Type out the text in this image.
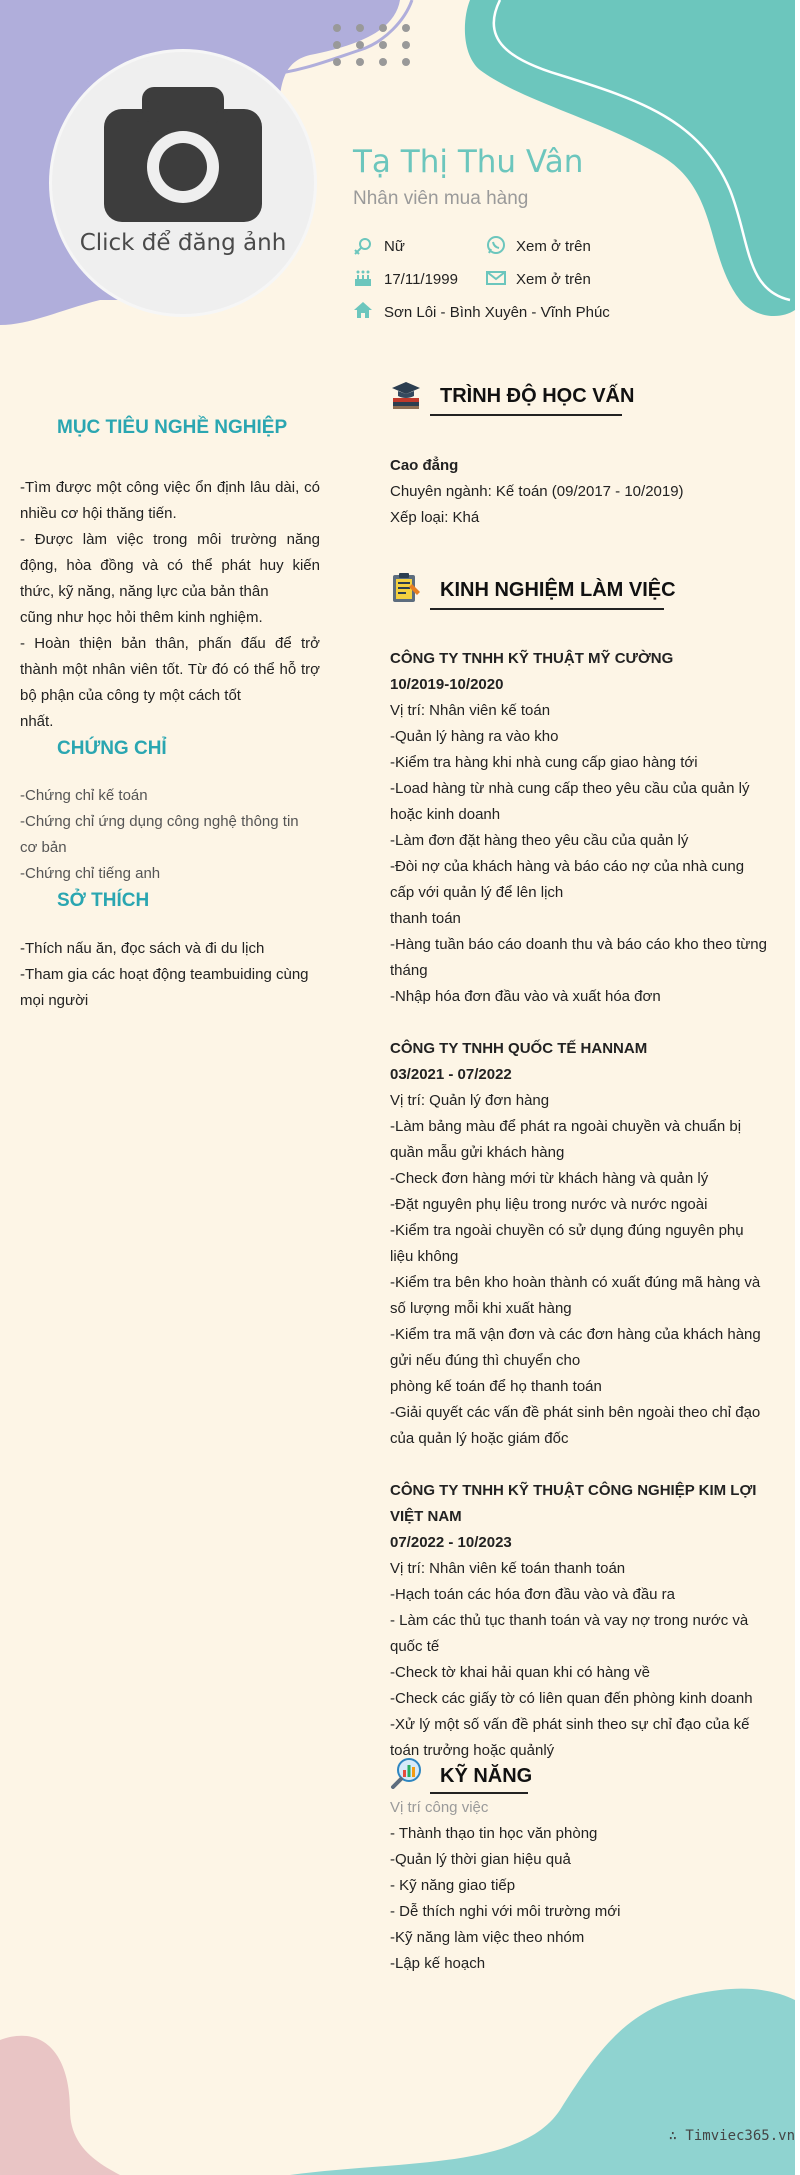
Click để đăng ảnh
Tạ Thị Thu Vân
Nhân viên mua hàng
Nữ	Xem ở trên
17/11/1999	Xem ở trên
Sơn Lôi - Bình Xuyên - Vĩnh Phúc
MỤC TIÊU NGHỀ NGHIỆP
-Tìm được một công việc ổn định lâu dài, có nhiều cơ hội thăng tiến.
- Được làm việc trong môi trường năng động, hòa đồng và có thể phát huy kiến thức, kỹ năng, năng lực của bản thân
cũng như học hỏi thêm kinh nghiệm.
- Hoàn thiện bản thân, phấn đấu để trở thành một nhân viên tốt. Từ đó có thể hỗ trợ bộ phận của công ty một cách tốt
nhất.
CHỨNG CHỈ
-Chứng chỉ kế toán
-Chứng chỉ ứng dụng công nghệ thông tin cơ bản
-Chứng chỉ tiếng anh
SỞ THÍCH
-Thích nấu ăn, đọc sách và đi du lịch
-Tham gia các hoạt động teambuiding cùng mọi người
TRÌNH ĐỘ HỌC VẤN
Cao đẳng
Chuyên ngành: Kế toán (09/2017 - 10/2019)
Xếp loại: Khá
KINH NGHIỆM LÀM VIỆC
CÔNG TY TNHH KỸ THUẬT MỸ CƯỜNG
10/2019-10/2020
Vị trí: Nhân viên kế toán
-Quản lý hàng ra vào kho
-Kiểm tra hàng khi nhà cung cấp giao hàng tới
-Load hàng từ nhà cung cấp theo yêu cầu của quản lý hoặc kinh doanh
-Làm đơn đặt hàng theo yêu cầu của quản lý
-Đòi nợ của khách hàng và báo cáo nợ của nhà cung cấp với quản lý để lên lịch
thanh toán
-Hàng tuần báo cáo doanh thu và báo cáo kho theo từng tháng
-Nhập hóa đơn đầu vào và xuất hóa đơn
CÔNG TY TNHH QUỐC TẾ HANNAM
03/2021 - 07/2022
Vị trí: Quản lý đơn hàng
-Làm bảng màu để phát ra ngoài chuyền và chuẩn bị quần mẫu gửi khách hàng
-Check đơn hàng mới từ khách hàng và quản lý
-Đặt nguyên phụ liệu trong nước và nước ngoài
-Kiểm tra ngoài chuyền có sử dụng đúng nguyên phụ liệu không
-Kiểm tra bên kho hoàn thành có xuất đúng mã hàng và số lượng mỗi khi xuất hàng
-Kiểm tra mã vận đơn và các đơn hàng của khách hàng gửi nếu đúng thì chuyển cho
phòng kế toán để họ thanh toán
-Giải quyết các vấn đề phát sinh bên ngoài theo chỉ đạo của quản lý hoặc giám đốc
CÔNG TY TNHH KỸ THUẬT CÔNG NGHIỆP KIM LỢI VIỆT NAM
07/2022 - 10/2023
Vị trí: Nhân viên kế toán thanh toán
-Hạch toán các hóa đơn đầu vào và đầu ra
- Làm các thủ tục thanh toán và vay nợ trong nước và quốc tế
-Check tờ khai hải quan khi có hàng về
-Check các giấy tờ có liên quan đến phòng kinh doanh
-Xử lý một số vấn đề phát sinh theo sự chỉ đạo của kế toán trưởng hoặc quảnlý
KỸ NĂNG
Vị trí công việc
- Thành thạo tin học văn phòng
-Quản lý thời gian hiệu quả
- Kỹ năng giao tiếp
- Dễ thích nghi với môi trường mới
-Kỹ năng làm việc theo nhóm
-Lập kế hoạch
∴ Timviec365.vn
